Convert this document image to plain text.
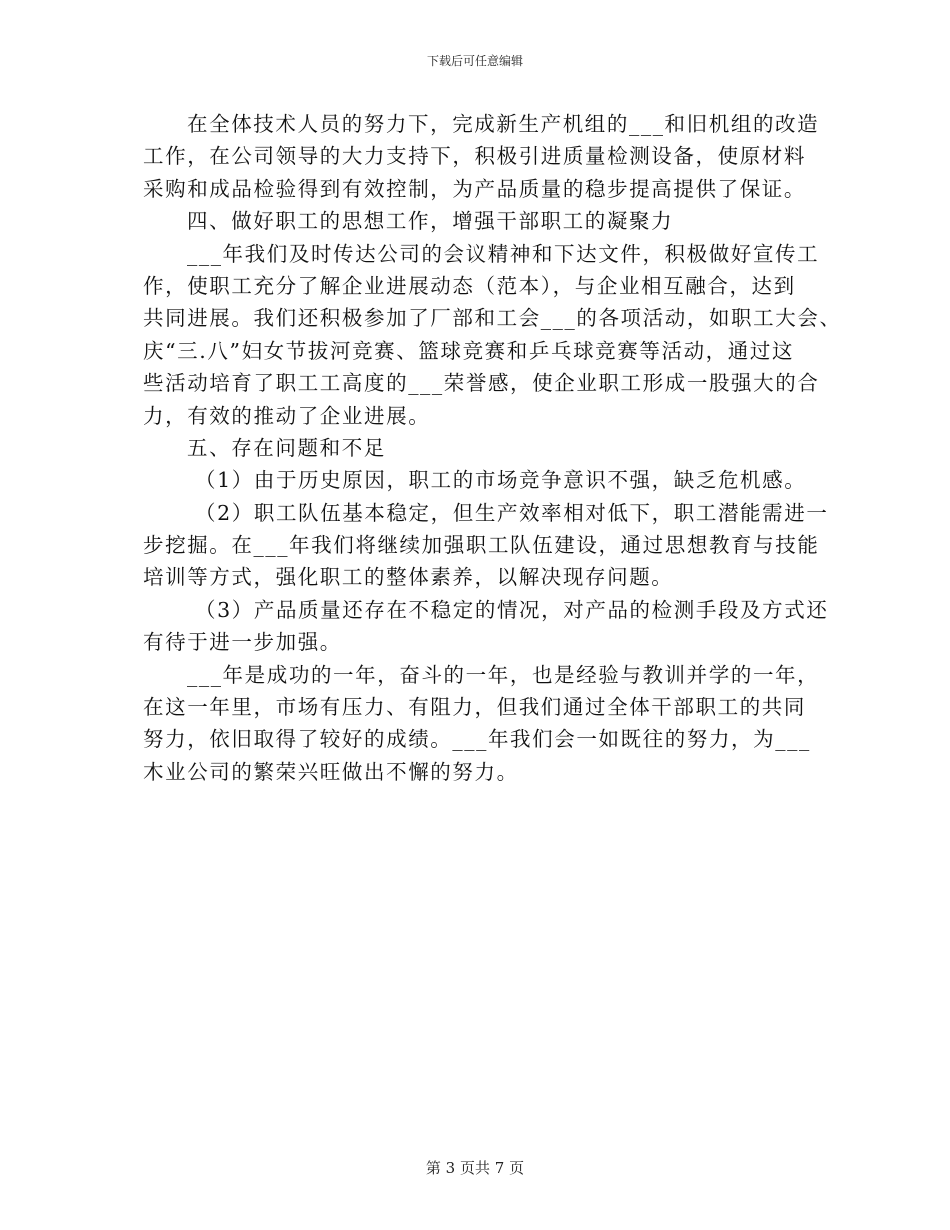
下载后可任意编辑
在全体技术人员的努力下，完成新生产机组的___和旧机组的改造
工作，在公司领导的大力支持下，积极引进质量检测设备，使原材料
采购和成品检验得到有效控制，为产品质量的稳步提高提供了保证。
四、做好职工的思想工作，增强干部职工的凝聚力
___年我们及时传达公司的会议精神和下达文件，积极做好宣传工
作，使职工充分了解企业进展动态（范本），与企业相互融合，达到
共同进展。我们还积极参加了厂部和工会___的各项活动，如职工大会、
庆“三.八”妇女节拔河竞赛、篮球竞赛和乒乓球竞赛等活动，通过这
些活动培育了职工工高度的___荣誉感，使企业职工形成一股强大的合
力，有效的推动了企业进展。
五、存在问题和不足
（1）由于历史原因，职工的市场竞争意识不强，缺乏危机感。
（2）职工队伍基本稳定，但生产效率相对低下，职工潜能需进一
步挖掘。在___年我们将继续加强职工队伍建设，通过思想教育与技能
培训等方式，强化职工的整体素养，以解决现存问题。
（3）产品质量还存在不稳定的情况，对产品的检测手段及方式还
有待于进一步加强。
___年是成功的一年，奋斗的一年，也是经验与教训并学的一年，
在这一年里，市场有压力、有阻力，但我们通过全体干部职工的共同
努力，依旧取得了较好的成绩。___年我们会一如既往的努力，为___
木业公司的繁荣兴旺做出不懈的努力。
第 3 页共 7 页
